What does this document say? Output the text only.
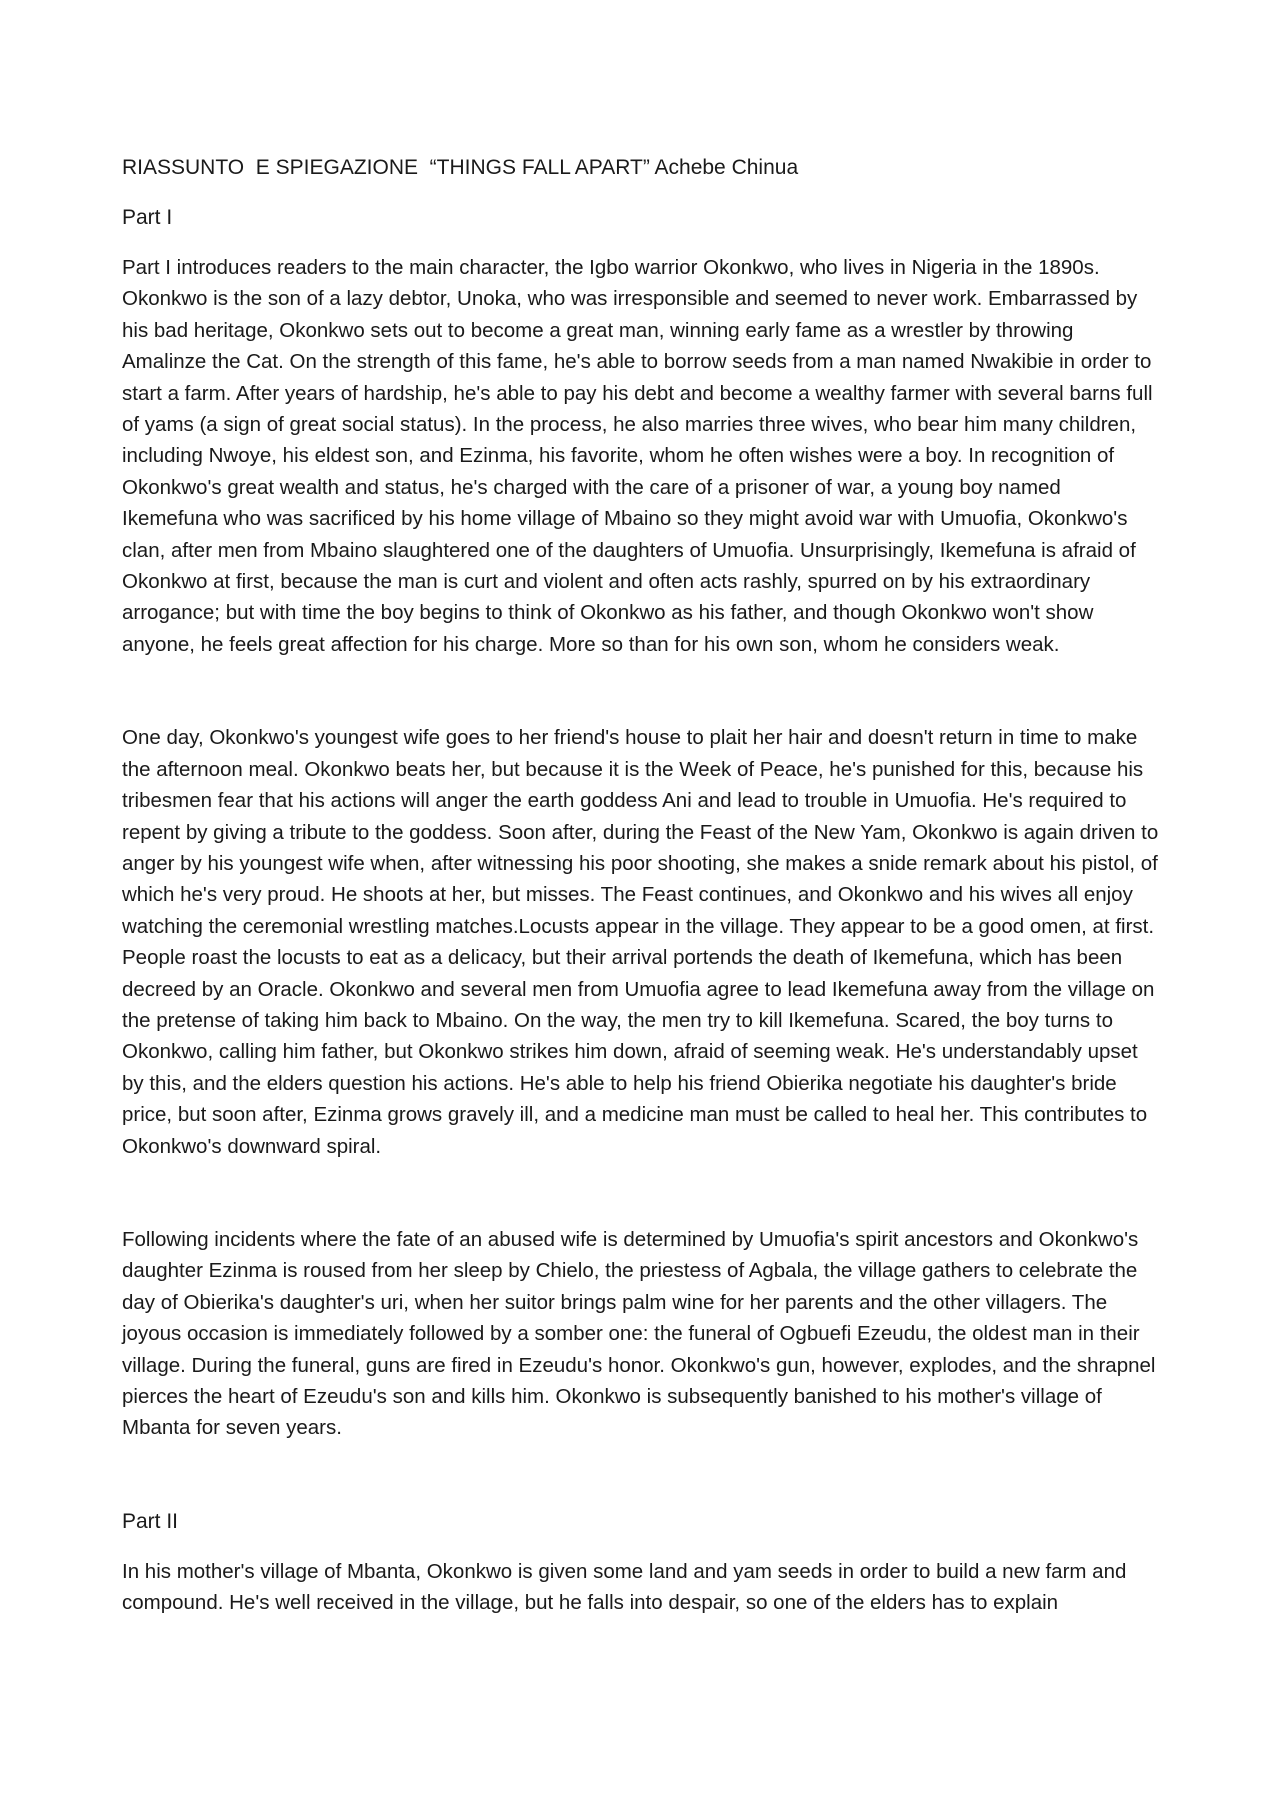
RIASSUNTO  E SPIEGAZIONE  “THINGS FALL APART” Achebe Chinua

Part I

Part I introduces readers to the main character, the Igbo warrior Okonkwo, who lives in Nigeria in the 1890s. Okonkwo is the son of a lazy debtor, Unoka, who was irresponsible and seemed to never work. Embarrassed by his bad heritage, Okonkwo sets out to become a great man, winning early fame as a wrestler by throwing Amalinze the Cat. On the strength of this fame, he's able to borrow seeds from a man named Nwakibie in order to start a farm. After years of hardship, he's able to pay his debt and become a wealthy farmer with several barns full of yams (a sign of great social status). In the process, he also marries three wives, who bear him many children, including Nwoye, his eldest son, and Ezinma, his favorite, whom he often wishes were a boy. In recognition of Okonkwo's great wealth and status, he's charged with the care of a prisoner of war, a young boy named Ikemefuna who was sacrificed by his home village of Mbaino so they might avoid war with Umuofia, Okonkwo's clan, after men from Mbaino slaughtered one of the daughters of Umuofia. Unsurprisingly, Ikemefuna is afraid of Okonkwo at first, because the man is curt and violent and often acts rashly, spurred on by his extraordinary arrogance; but with time the boy begins to think of Okonkwo as his father, and though Okonkwo won't show anyone, he feels great affection for his charge. More so than for his own son, whom he considers weak.

One day, Okonkwo's youngest wife goes to her friend's house to plait her hair and doesn't return in time to make the afternoon meal. Okonkwo beats her, but because it is the Week of Peace, he's punished for this, because his tribesmen fear that his actions will anger the earth goddess Ani and lead to trouble in Umuofia. He's required to repent by giving a tribute to the goddess. Soon after, during the Feast of the New Yam, Okonkwo is again driven to anger by his youngest wife when, after witnessing his poor shooting, she makes a snide remark about his pistol, of which he's very proud. He shoots at her, but misses. The Feast continues, and Okonkwo and his wives all enjoy watching the ceremonial wrestling matches.Locusts appear in the village. They appear to be a good omen, at first. People roast the locusts to eat as a delicacy, but their arrival portends the death of Ikemefuna, which has been decreed by an Oracle. Okonkwo and several men from Umuofia agree to lead Ikemefuna away from the village on the pretense of taking him back to Mbaino. On the way, the men try to kill Ikemefuna. Scared, the boy turns to Okonkwo, calling him father, but Okonkwo strikes him down, afraid of seeming weak. He's understandably upset by this, and the elders question his actions. He's able to help his friend Obierika negotiate his daughter's bride price, but soon after, Ezinma grows gravely ill, and a medicine man must be called to heal her. This contributes to Okonkwo's downward spiral.

Following incidents where the fate of an abused wife is determined by Umuofia's spirit ancestors and Okonkwo's daughter Ezinma is roused from her sleep by Chielo, the priestess of Agbala, the village gathers to celebrate the day of Obierika's daughter's uri, when her suitor brings palm wine for her parents and the other villagers. The joyous occasion is immediately followed by a somber one: the funeral of Ogbuefi Ezeudu, the oldest man in their village. During the funeral, guns are fired in Ezeudu's honor. Okonkwo's gun, however, explodes, and the shrapnel pierces the heart of Ezeudu's son and kills him. Okonkwo is subsequently banished to his mother's village of Mbanta for seven years.

Part II

In his mother's village of Mbanta, Okonkwo is given some land and yam seeds in order to build a new farm and compound. He's well received in the village, but he falls into despair, so one of the elders has to explain
